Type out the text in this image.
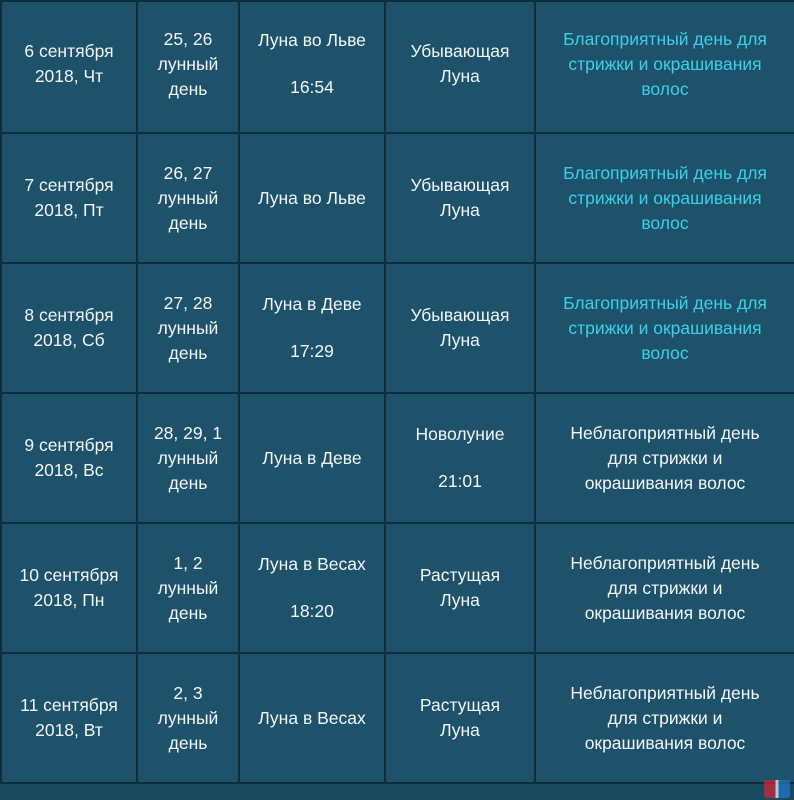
6 сентября
2018, Чт	25, 26
лунный
день	Луна во Льве
16:54	Убывающая
Луна	Благоприятный день для
стрижки и окрашивания
волос

7 сентября
2018, Пт	26, 27
лунный
день	Луна во Льве	Убывающая
Луна	Благоприятный день для
стрижки и окрашивания
волос

8 сентября
2018, Сб	27, 28
лунный
день	Луна в Деве
17:29	Убывающая
Луна	Благоприятный день для
стрижки и окрашивания
волос

9 сентября
2018, Вс	28, 29, 1
лунный
день	Луна в Деве	Новолуние
21:01	Неблагоприятный день
для стрижки и
окрашивания волос

10 сентября
2018, Пн	1, 2
лунный
день	Луна в Весах
18:20	Растущая
Луна	Неблагоприятный день
для стрижки и
окрашивания волос

11 сентября
2018, Вт	2, 3
лунный
день	Луна в Весах	Растущая
Луна	Неблагоприятный день
для стрижки и
окрашивания волос
